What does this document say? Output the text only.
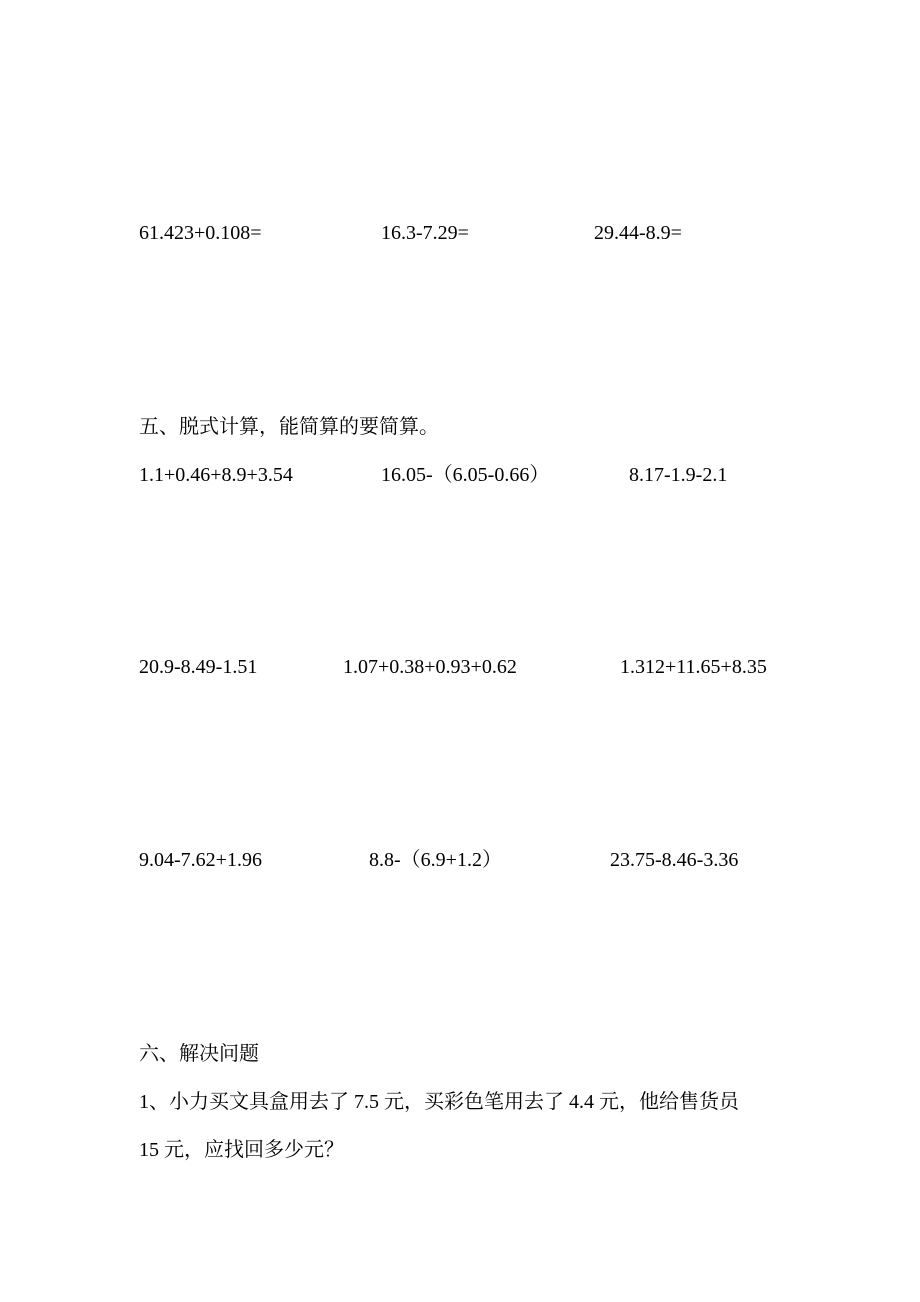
61.423+0.108=	16.3-7.29=	29.44-8.9=
五、脱式计算，能简算的要简算。
1.1+0.46+8.9+3.54	16.05-（6.05-0.66）	8.17-1.9-2.1
20.9-8.49-1.51	1.07+0.38+0.93+0.62	1.312+11.65+8.35
9.04-7.62+1.96	8.8-（6.9+1.2）	23.75-8.46-3.36
六、解决问题
1、小力买文具盒用去了 7.5 元，买彩色笔用去了 4.4 元，他给售货员
15 元，应找回多少元？
